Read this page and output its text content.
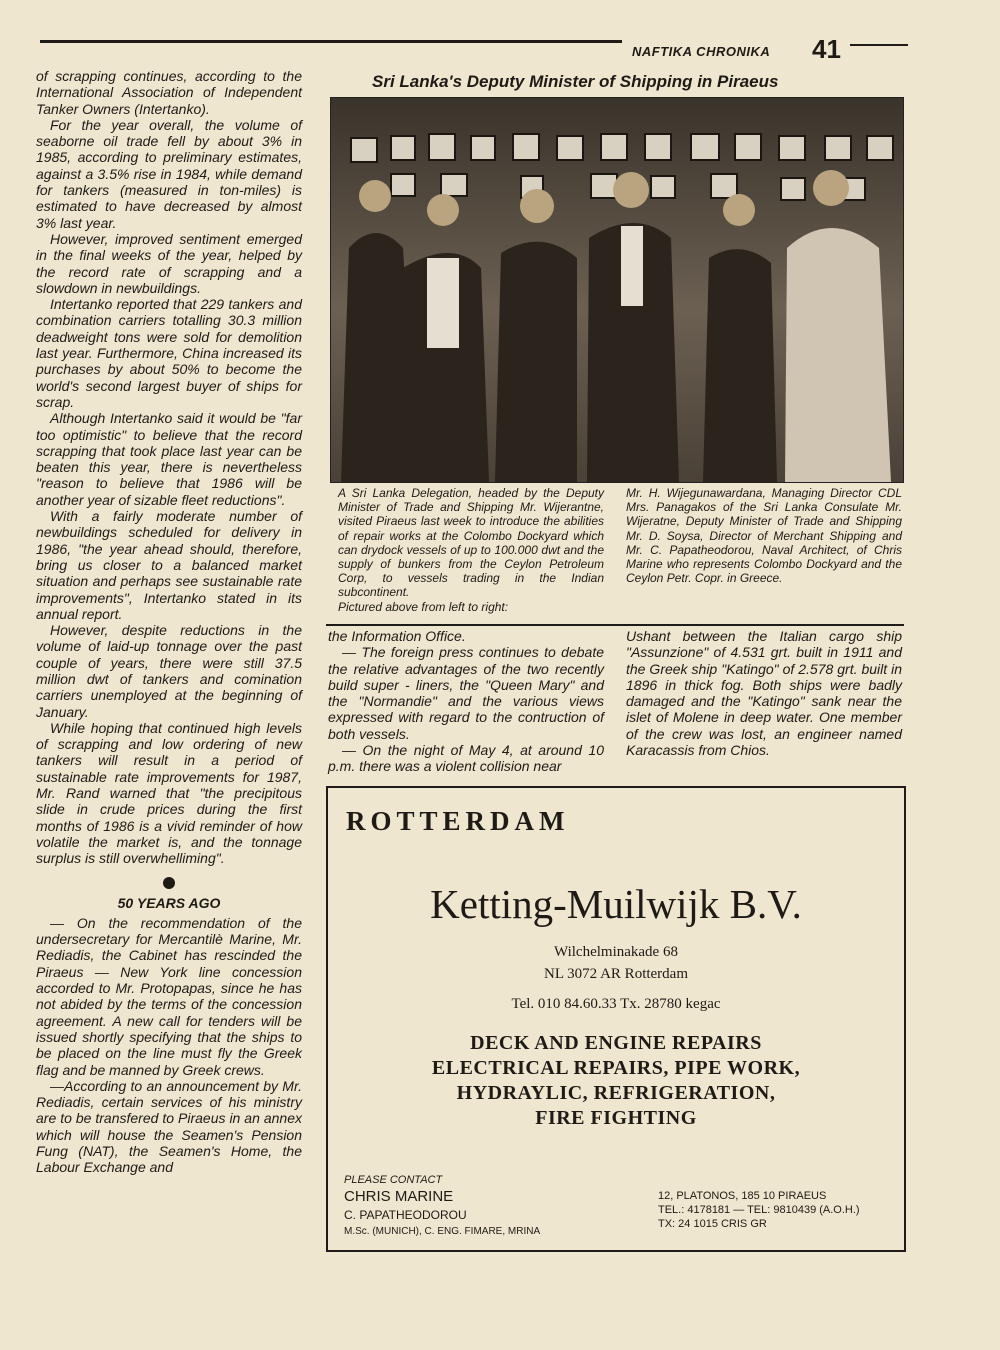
NAFTIKA CHRONIKA 41
Sri Lanka's Deputy Minister of Shipping in Piraeus

of scrapping continues, according to the International Association of Independent Tanker Owners (Intertanko).

For the year overall, the volume of seaborne oil trade fell by about 3% in 1985, according to preliminary estimates, against a 3.5% rise in 1984, while demand for tankers (measured in ton-miles) is estimated to have decreased by almost 3% last year.

However, improved sentiment emerged in the final weeks of the year, helped by the record rate of scrapping and a slowdown in newbuildings.

Intertanko reported that 229 tankers and combination carriers totalling 30.3 million deadweight tons were sold for demolition last year. Furthermore, China increased its purchases by about 50% to become the world's second largest buyer of ships for scrap.

Although Intertanko said it would be "far too optimistic" to believe that the record scrapping that took place last year can be beaten this year, there is nevertheless "reason to believe that 1986 will be another year of sizable fleet reductions".

With a fairly moderate number of newbuildings scheduled for delivery in 1986, "the year ahead should, therefore, bring us closer to a balanced market situation and perhaps see sustainable rate improvements", Intertanko stated in its annual report.

However, despite reductions in the volume of laid-up tonnage over the past couple of years, there were still 37.5 million dwt of tankers and comination carriers unemployed at the beginning of January.

While hoping that continued high levels of scrapping and low ordering of new tankers will result in a period of sustainable rate improvements for 1987, Mr. Rand warned that "the precipitous slide in crude prices during the first months of 1986 is a vivid reminder of how volatile the market is, and the tonnage surplus is still overwhelliming".

50 YEARS AGO

— On the recommendation of the undersecretary for Mercantilè Marine, Mr. Rediadis, the Cabinet has rescinded the Piraeus — New York line concession accorded to Mr. Protopapas, since he has not abided by the terms of the concession agreement. A new call for tenders will be issued shortly specifying that the ships to be placed on the line must fly the Greek flag and be manned by Greek crews.

—According to an announcement by Mr. Rediadis, certain services of his ministry are to be transfered to Piraeus in an annex which will house the Seamen's Pension Fung (NAT), the Seamen's Home, the Labour Exchange and

A Sri Lanka Delegation, headed by the Deputy Minister of Trade and Shipping Mr. Wijerantne, visited Piraeus last week to introduce the abilities of repair works at the Colombo Dockyard which can drydock vessels of up to 100.000 dwt and the supply of bunkers from the Ceylon Petroleum Corp, to vessels trading in the Indian subcontinent.
Pictured above from left to right:
Mr. H. Wijegunawardana, Managing Director CDL Mrs. Panagakos of the Sri Lanka Consulate Mr. Wijeratne, Deputy Minister of Trade and Shipping Mr. D. Soysa, Director of Merchant Shipping and Mr. C. Papatheodorou, Naval Architect, of Chris Marine who represents Colombo Dockyard and the Ceylon Petr. Copr. in Greece.

the Information Office.

— The foreign press continues to debate the relative advantages of the two recently build super - liners, the "Queen Mary" and the "Normandie" and the various views expressed with regard to the contruction of both vessels.

— On the night of May 4, at around 10 p.m. there was a violent collision near

Ushant between the Italian cargo ship "Assunzione" of 4.531 grt. built in 1911 and the Greek ship "Katingo" of 2.578 grt. built in 1896 in thick fog. Both ships were badly damaged and the "Katingo" sank near the islet of Molene in deep water. One member of the crew was lost, an engineer named Karacassis from Chios.

ROTTERDAM
Ketting-Muilwijk B.V.
Wilchelminakade 68
NL 3072 AR Rotterdam
Tel. 010 84.60.33 Tx. 28780 kegac
DECK AND ENGINE REPAIRS
ELECTRICAL REPAIRS, PIPE WORK,
HYDRAYLIC, REFRIGERATION,
FIRE FIGHTING
PLEASE CONTACT
CHRIS MARINE
C. PAPATHEODOROU
M.Sc. (MUNICH), C. ENG. FIMARE, MRINA
12, PLATONOS, 185 10 PIRAEUS
TEL.: 4178181 — TEL: 9810439 (A.O.H.)
TX: 24 1015 CRIS GR
